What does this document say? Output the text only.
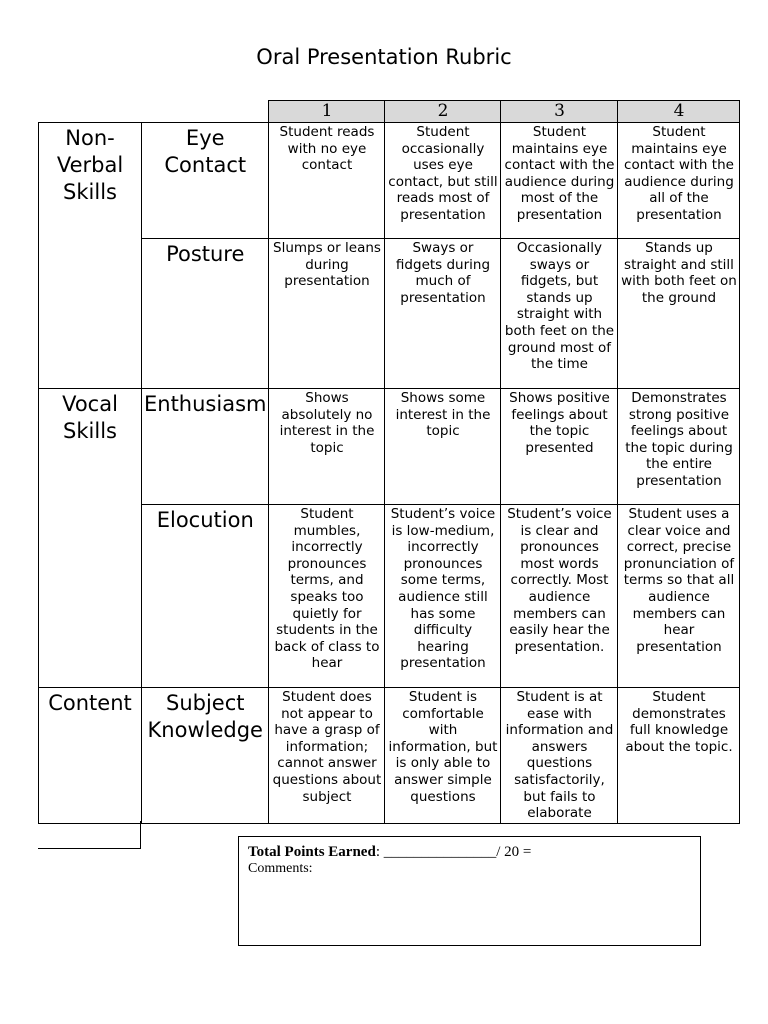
Oral Presentation Rubric
		1	2	3	4
Non-Verbal Skills	Eye Contact	Student reads with no eye contact	Student occasionally uses eye contact, but still reads most of presentation	Student maintains eye contact with the audience during most of the presentation	Student maintains eye contact with the audience during all of the presentation
	Posture	Slumps or leans during presentation	Sways or fidgets during much of presentation	Occasionally sways or fidgets, but stands up straight with both feet on the ground most of the time	Stands up straight and still with both feet on the ground
Vocal Skills	Enthusiasm	Shows absolutely no interest in the topic	Shows some interest in the topic	Shows positive feelings about the topic presented	Demonstrates strong positive feelings about the topic during the entire presentation
	Elocution	Student mumbles, incorrectly pronounces terms, and speaks too quietly for students in the back of class to hear	Student’s voice is low-medium, incorrectly pronounces some terms, audience still has some difficulty hearing presentation	Student’s voice is clear and pronounces most words correctly. Most audience members can easily hear the presentation.	Student uses a clear voice and correct, precise pronunciation of terms so that all audience members can hear presentation
Content	Subject Knowledge	Student does not appear to have a grasp of information; cannot answer questions about subject	Student is comfortable with information, but is only able to answer simple questions	Student is at ease with information and answers questions satisfactorily, but fails to elaborate	Student demonstrates full knowledge about the topic.
Total Points Earned: _______________/ 20 =
Comments:
